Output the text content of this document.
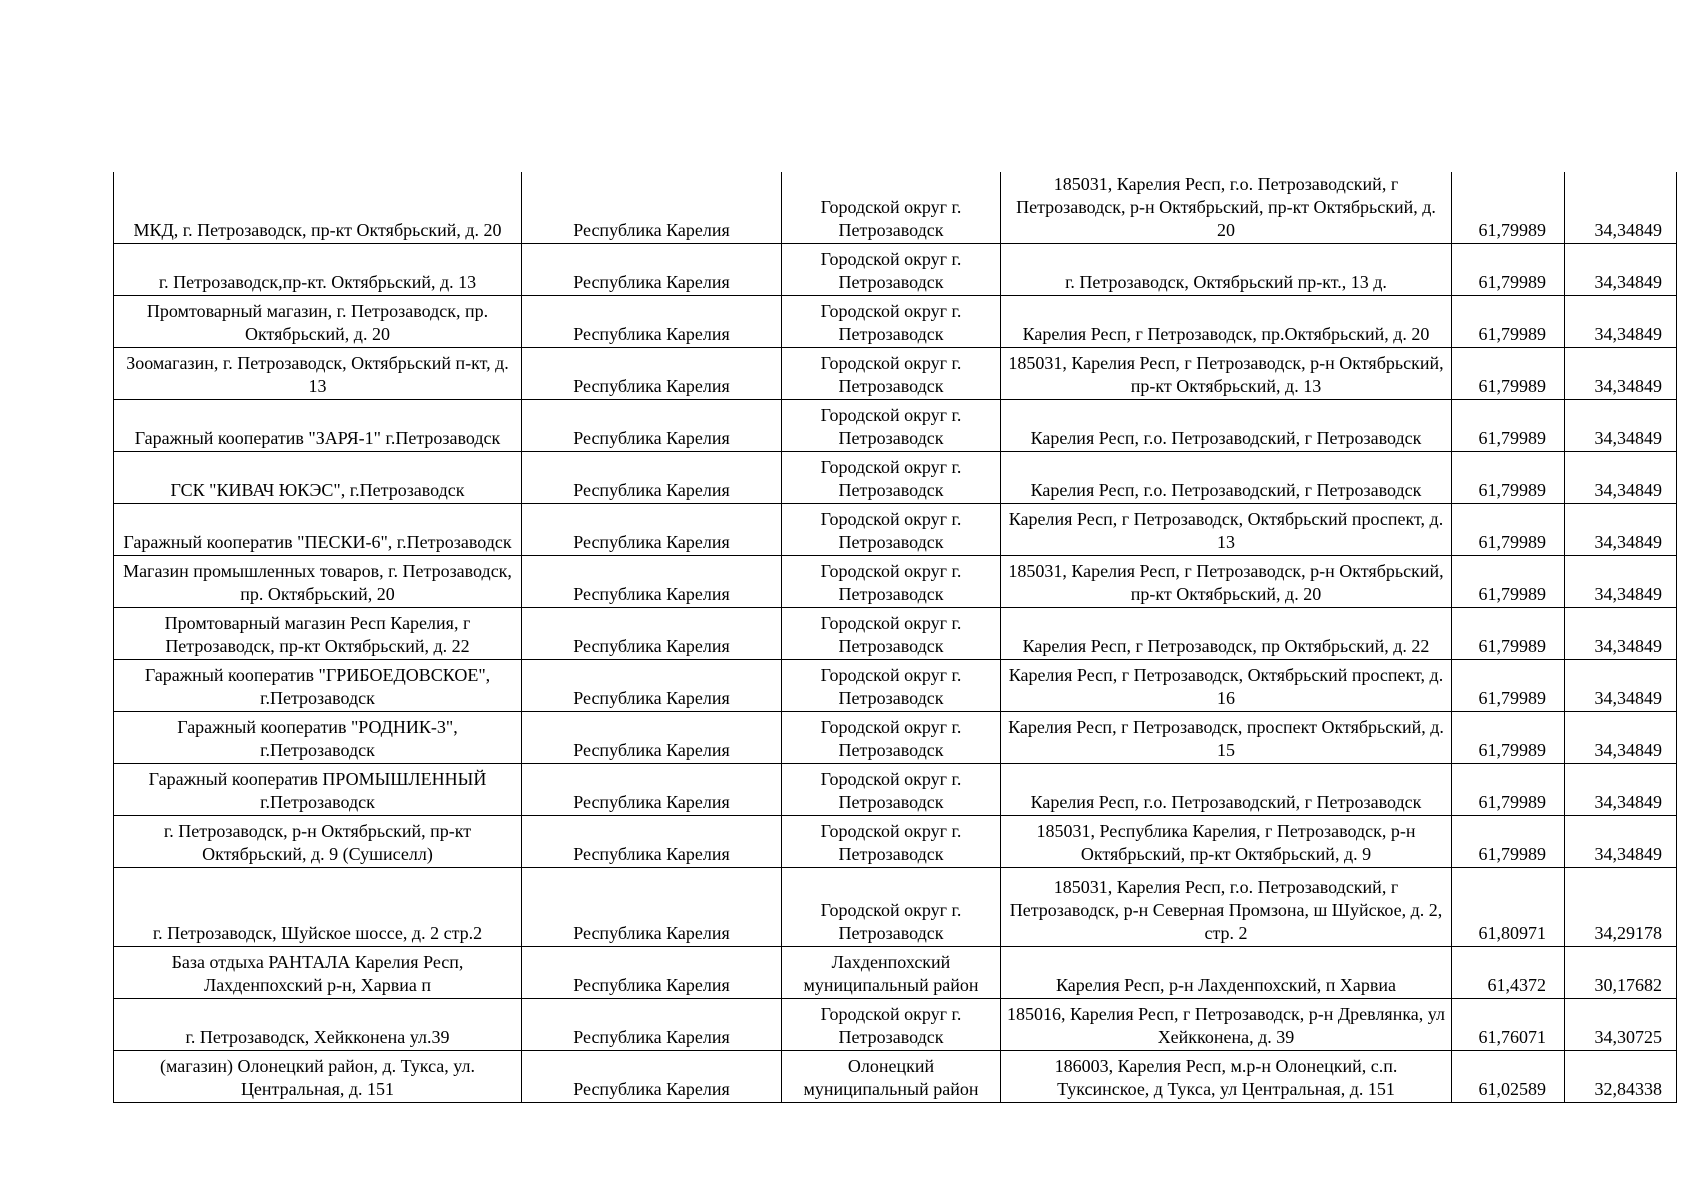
МКД, г. Петрозаводск, пр-кт Октябрьский, д. 20	Республика Карелия	Городской округ г. Петрозаводск	185031, Карелия Респ, г.о. Петрозаводский, г Петрозаводск, р-н Октябрьский, пр-кт Октябрьский, д. 20	61,79989	34,34849
г. Петрозаводск,пр-кт. Октябрьский, д. 13	Республика Карелия	Городской округ г. Петрозаводск	г. Петрозаводск, Октябрьский пр-кт., 13 д.	61,79989	34,34849
Промтоварный магазин, г. Петрозаводск, пр. Октябрьский, д. 20	Республика Карелия	Городской округ г. Петрозаводск	Карелия Респ, г Петрозаводск, пр.Октябрьский, д. 20	61,79989	34,34849
Зоомагазин, г. Петрозаводск, Октябрьский п-кт, д. 13	Республика Карелия	Городской округ г. Петрозаводск	185031, Карелия Респ, г Петрозаводск, р-н Октябрьский, пр-кт Октябрьский, д. 13	61,79989	34,34849
Гаражный кооператив "ЗАРЯ-1" г.Петрозаводск	Республика Карелия	Городской округ г. Петрозаводск	Карелия Респ, г.о. Петрозаводский, г Петрозаводск	61,79989	34,34849
ГСК "КИВАЧ ЮКЭС", г.Петрозаводск	Республика Карелия	Городской округ г. Петрозаводск	Карелия Респ, г.о. Петрозаводский, г Петрозаводск	61,79989	34,34849
Гаражный кооператив "ПЕСКИ-6", г.Петрозаводск	Республика Карелия	Городской округ г. Петрозаводск	Карелия Респ, г Петрозаводск, Октябрьский проспект, д. 13	61,79989	34,34849
Магазин промышленных товаров, г. Петрозаводск, пр. Октябрьский, 20	Республика Карелия	Городской округ г. Петрозаводск	185031, Карелия Респ, г Петрозаводск, р-н Октябрьский, пр-кт Октябрьский, д. 20	61,79989	34,34849
Промтоварный магазин Респ Карелия, г Петрозаводск, пр-кт Октябрьский, д. 22	Республика Карелия	Городской округ г. Петрозаводск	Карелия Респ, г Петрозаводск, пр Октябрьский, д. 22	61,79989	34,34849
Гаражный кооператив "ГРИБОЕДОВСКОЕ", г.Петрозаводск	Республика Карелия	Городской округ г. Петрозаводск	Карелия Респ, г Петрозаводск, Октябрьский проспект, д. 16	61,79989	34,34849
Гаражный кооператив "РОДНИК-3", г.Петрозаводск	Республика Карелия	Городской округ г. Петрозаводск	Карелия Респ, г Петрозаводск, проспект Октябрьский, д. 15	61,79989	34,34849
Гаражный кооператив ПРОМЫШЛЕННЫЙ г.Петрозаводск	Республика Карелия	Городской округ г. Петрозаводск	Карелия Респ, г.о. Петрозаводский, г Петрозаводск	61,79989	34,34849
г. Петрозаводск, р-н Октябрьский, пр-кт Октябрьский, д. 9 (Сушиселл)	Республика Карелия	Городской округ г. Петрозаводск	185031, Республика Карелия, г Петрозаводск, р-н Октябрьский, пр-кт Октябрьский, д. 9	61,79989	34,34849
г. Петрозаводск, Шуйское шоссе, д. 2 стр.2	Республика Карелия	Городской округ г. Петрозаводск	185031, Карелия Респ, г.о. Петрозаводский, г Петрозаводск, р-н Северная Промзона, ш Шуйское, д. 2, стр. 2	61,80971	34,29178
База отдыха РАНТАЛА Карелия Респ, Лахденпохский р-н, Харвиа п	Республика Карелия	Лахденпохский муниципальный район	Карелия Респ, р-н Лахденпохский, п Харвиа	61,4372	30,17682
г. Петрозаводск, Хейкконена ул.39	Республика Карелия	Городской округ г. Петрозаводск	185016, Карелия Респ, г Петрозаводск, р-н Древлянка, ул Хейкконена, д. 39	61,76071	34,30725
(магазин) Олонецкий район, д. Тукса, ул. Центральная, д. 151	Республика Карелия	Олонецкий муниципальный район	186003, Карелия Респ, м.р-н Олонецкий, с.п. Туксинское, д Тукса, ул Центральная, д. 151	61,02589	32,84338
